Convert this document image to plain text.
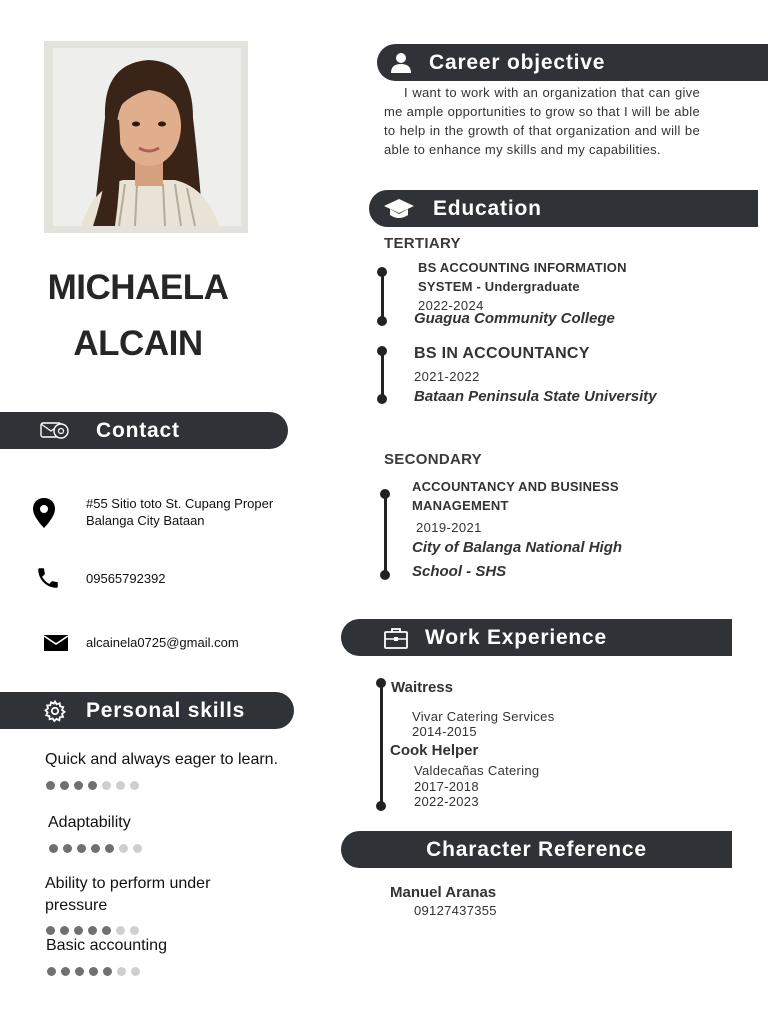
MICHAELA
ALCAIN
Contact
#55 Sitio toto St. Cupang Proper Balanga City Bataan
09565792392
alcainela0725@gmail.com
Personal skills
Quick and always eager to learn.
Adaptability
Ability to perform under pressure
Basic accounting
Career objective
I want to work with an organization that can give me ample opportunities to grow so that I will be able to help in the growth of that organization and will be able to enhance my skills and my capabilities.
Education
TERTIARY
BS ACCOUNTING INFORMATION SYSTEM - Undergraduate
2022-2024
Guagua Community College
BS IN ACCOUNTANCY
2021-2022
Bataan Peninsula State University
SECONDARY
ACCOUNTANCY AND BUSINESS MANAGEMENT
2019-2021
City of Balanga National High School - SHS
Work Experience
Waitress
Vivar Catering Services
2014-2015
Cook Helper
Valdecañas Catering
2017-2018
2022-2023
Character Reference
Manuel Aranas
09127437355
